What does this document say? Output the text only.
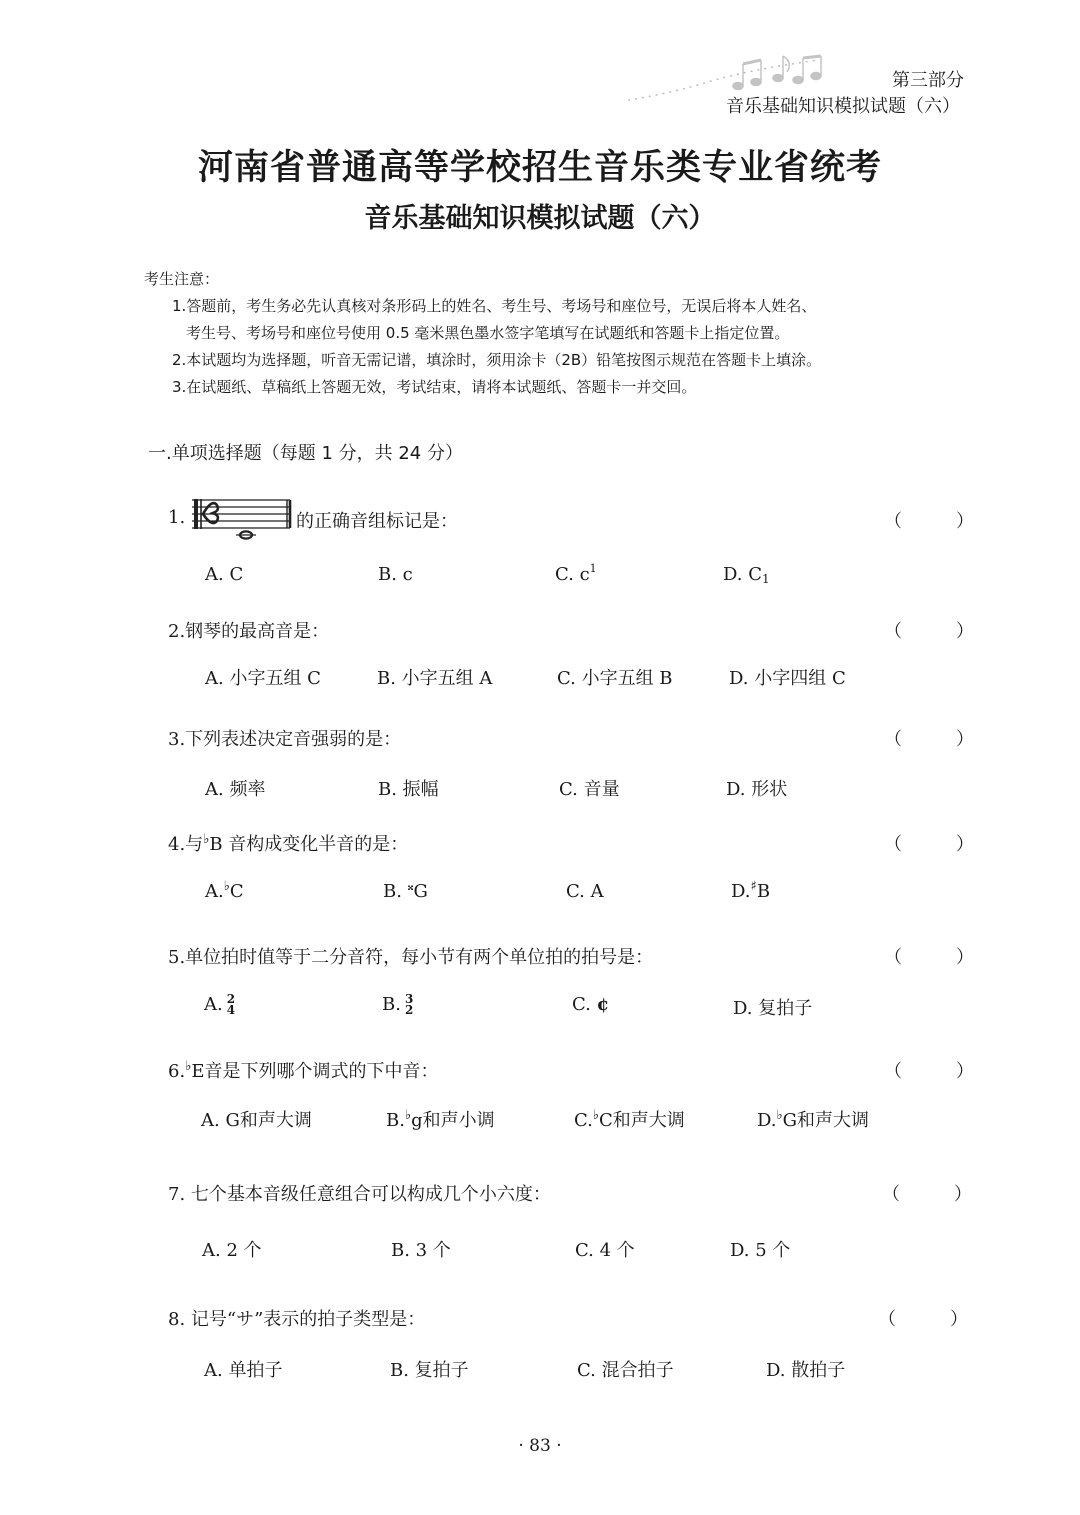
第三部分
音乐基础知识模拟试题（六）
河南省普通高等学校招生音乐类专业省统考
音乐基础知识模拟试题（六）
考生注意：
1.答题前，考生务必先认真核对条形码上的姓名、考生号、考场号和座位号，无误后将本人姓名、
考生号、考场号和座位号使用 0.5 毫米黑色墨水签字笔填写在试题纸和答题卡上指定位置。
2.本试题均为选择题，听音无需记谱，填涂时，须用涂卡（2B）铅笔按图示规范在答题卡上填涂。
3.在试题纸、草稿纸上答题无效，考试结束，请将本试题纸、答题卡一并交回。
一.单项选择题（每题 1 分，共 24 分）
1.	的正确音组标记是：	（	）
A. C	B. c	C. $c^1$	D. C1
2.钢琴的最高音是：	（	）
A. 小字五组 C	B. 小字五组 A	C. 小字五组 B	D. 小字四组 C
3.下列表述决定音强弱的是：	（	）
A. 频率	B. 振幅	C. 音量	D. 形状
4.与♭B 音构成变化半音的是：	（	）
A.♭C	B. 𝄪G	C. A	D.♯B
5.单位拍时值等于二分音符，每小节有两个单位拍的拍号是：	（	）
A. 2
4	B. 3
2	C. ¢	D. 复拍子
6.♭E音是下列哪个调式的下中音：	（	）
A. G和声大调	B.♭g和声小调	C.♭C和声大调	D.♭G和声大调
7. 七个基本音级任意组合可以构成几个小六度：	（	）
A. 2 个	B. 3 个	C. 4 个	D. 5 个
8. 记号“サ”表示的拍子类型是：	（	）
A. 单拍子	B. 复拍子	C. 混合拍子	D. 散拍子
· 83 ·
